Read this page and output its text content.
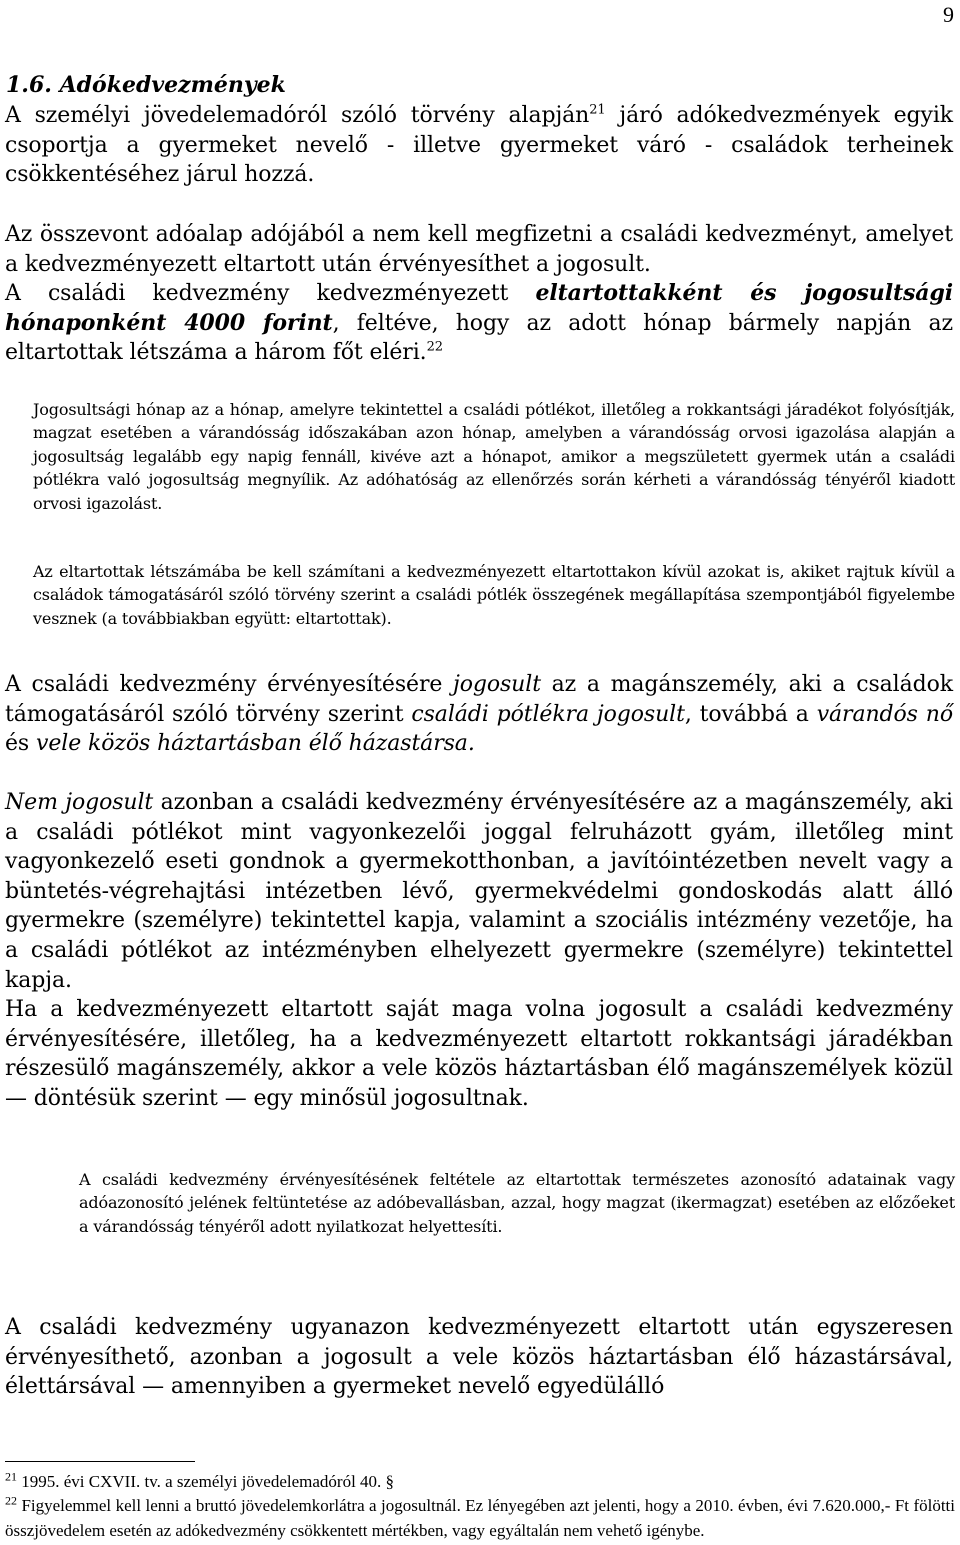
9
1.6. Adókedvezmények
A személyi jövedelemadóról szóló törvény alapján$^{21}$ járó adókedvezmények egyik csoportja a gyermeket nevelő - illetve gyermeket váró - családok terheinek csökkentéséhez járul hozzá.
Az összevont adóalap adójából a nem kell megfizetni a családi kedvezményt, amelyet a kedvezményezett eltartott után érvényesíthet a jogosult.
A családi kedvezmény kedvezményezett eltartottakként és jogosultsági hónaponként 4000 forint, feltéve, hogy az adott hónap bármely napján az eltartottak létszáma a három főt eléri.$^{22}$
Jogosultsági hónap az a hónap, amelyre tekintettel a családi pótlékot, illetőleg a rokkantsági járadékot folyósítják, magzat esetében a várandósság időszakában azon hónap, amelyben a várandósság orvosi igazolása alapján a jogosultság legalább egy napig fennáll, kivéve azt a hónapot, amikor a megszületett gyermek után a családi pótlékra való jogosultság megnyílik. Az adóhatóság az ellenőrzés során kérheti a várandósság tényéről kiadott orvosi igazolást.
Az eltartottak létszámába be kell számítani a kedvezményezett eltartottakon kívül azokat is, akiket rajtuk kívül a családok támogatásáról szóló törvény szerint a családi pótlék összegének megállapítása szempontjából figyelembe vesznek (a továbbiakban együtt: eltartottak).
A családi kedvezmény érvényesítésére jogosult az a magánszemély, aki a családok támogatásáról szóló törvény szerint családi pótlékra jogosult, továbbá a várandós nő és vele közös háztartásban élő házastársa.
Nem jogosult azonban a családi kedvezmény érvényesítésére az a magánszemély, aki a családi pótlékot mint vagyonkezelői joggal felruházott gyám, illetőleg mint vagyonkezelő eseti gondnok a gyermekotthonban, a javítóintézetben nevelt vagy a büntetés-végrehajtási intézetben lévő, gyermekvédelmi gondoskodás alatt álló gyermekre (személyre) tekintettel kapja, valamint a szociális intézmény vezetője, ha a családi pótlékot az intézményben elhelyezett gyermekre (személyre) tekintettel kapja.
Ha a kedvezményezett eltartott saját maga volna jogosult a családi kedvezmény érvényesítésére, illetőleg, ha a kedvezményezett eltartott rokkantsági járadékban részesülő magánszemély, akkor a vele közös háztartásban élő magánszemélyek közül — döntésük szerint — egy minősül jogosultnak.
A családi kedvezmény érvényesítésének feltétele az eltartottak természetes azonosító adatainak vagy adóazonosító jelének feltüntetése az adóbevallásban, azzal, hogy magzat (ikermagzat) esetében az előzőeket a várandósság tényéről adott nyilatkozat helyettesíti.
A családi kedvezmény ugyanazon kedvezményezett eltartott után egyszeresen érvényesíthető, azonban a jogosult a vele közös háztartásban élő házastársával, élettársával — amennyiben a gyermeket nevelő egyedülálló
$^{21}$ 1995. évi CXVII. tv. a személyi jövedelemadóról 40. §
$^{22}$ Figyelemmel kell lenni a bruttó jövedelemkorlátra a jogosultnál. Ez lényegében azt jelenti, hogy a 2010. évben, évi 7.620.000,- Ft fölötti összjövedelem esetén az adókedvezmény csökkentett mértékben, vagy egyáltalán nem vehető igénybe.
